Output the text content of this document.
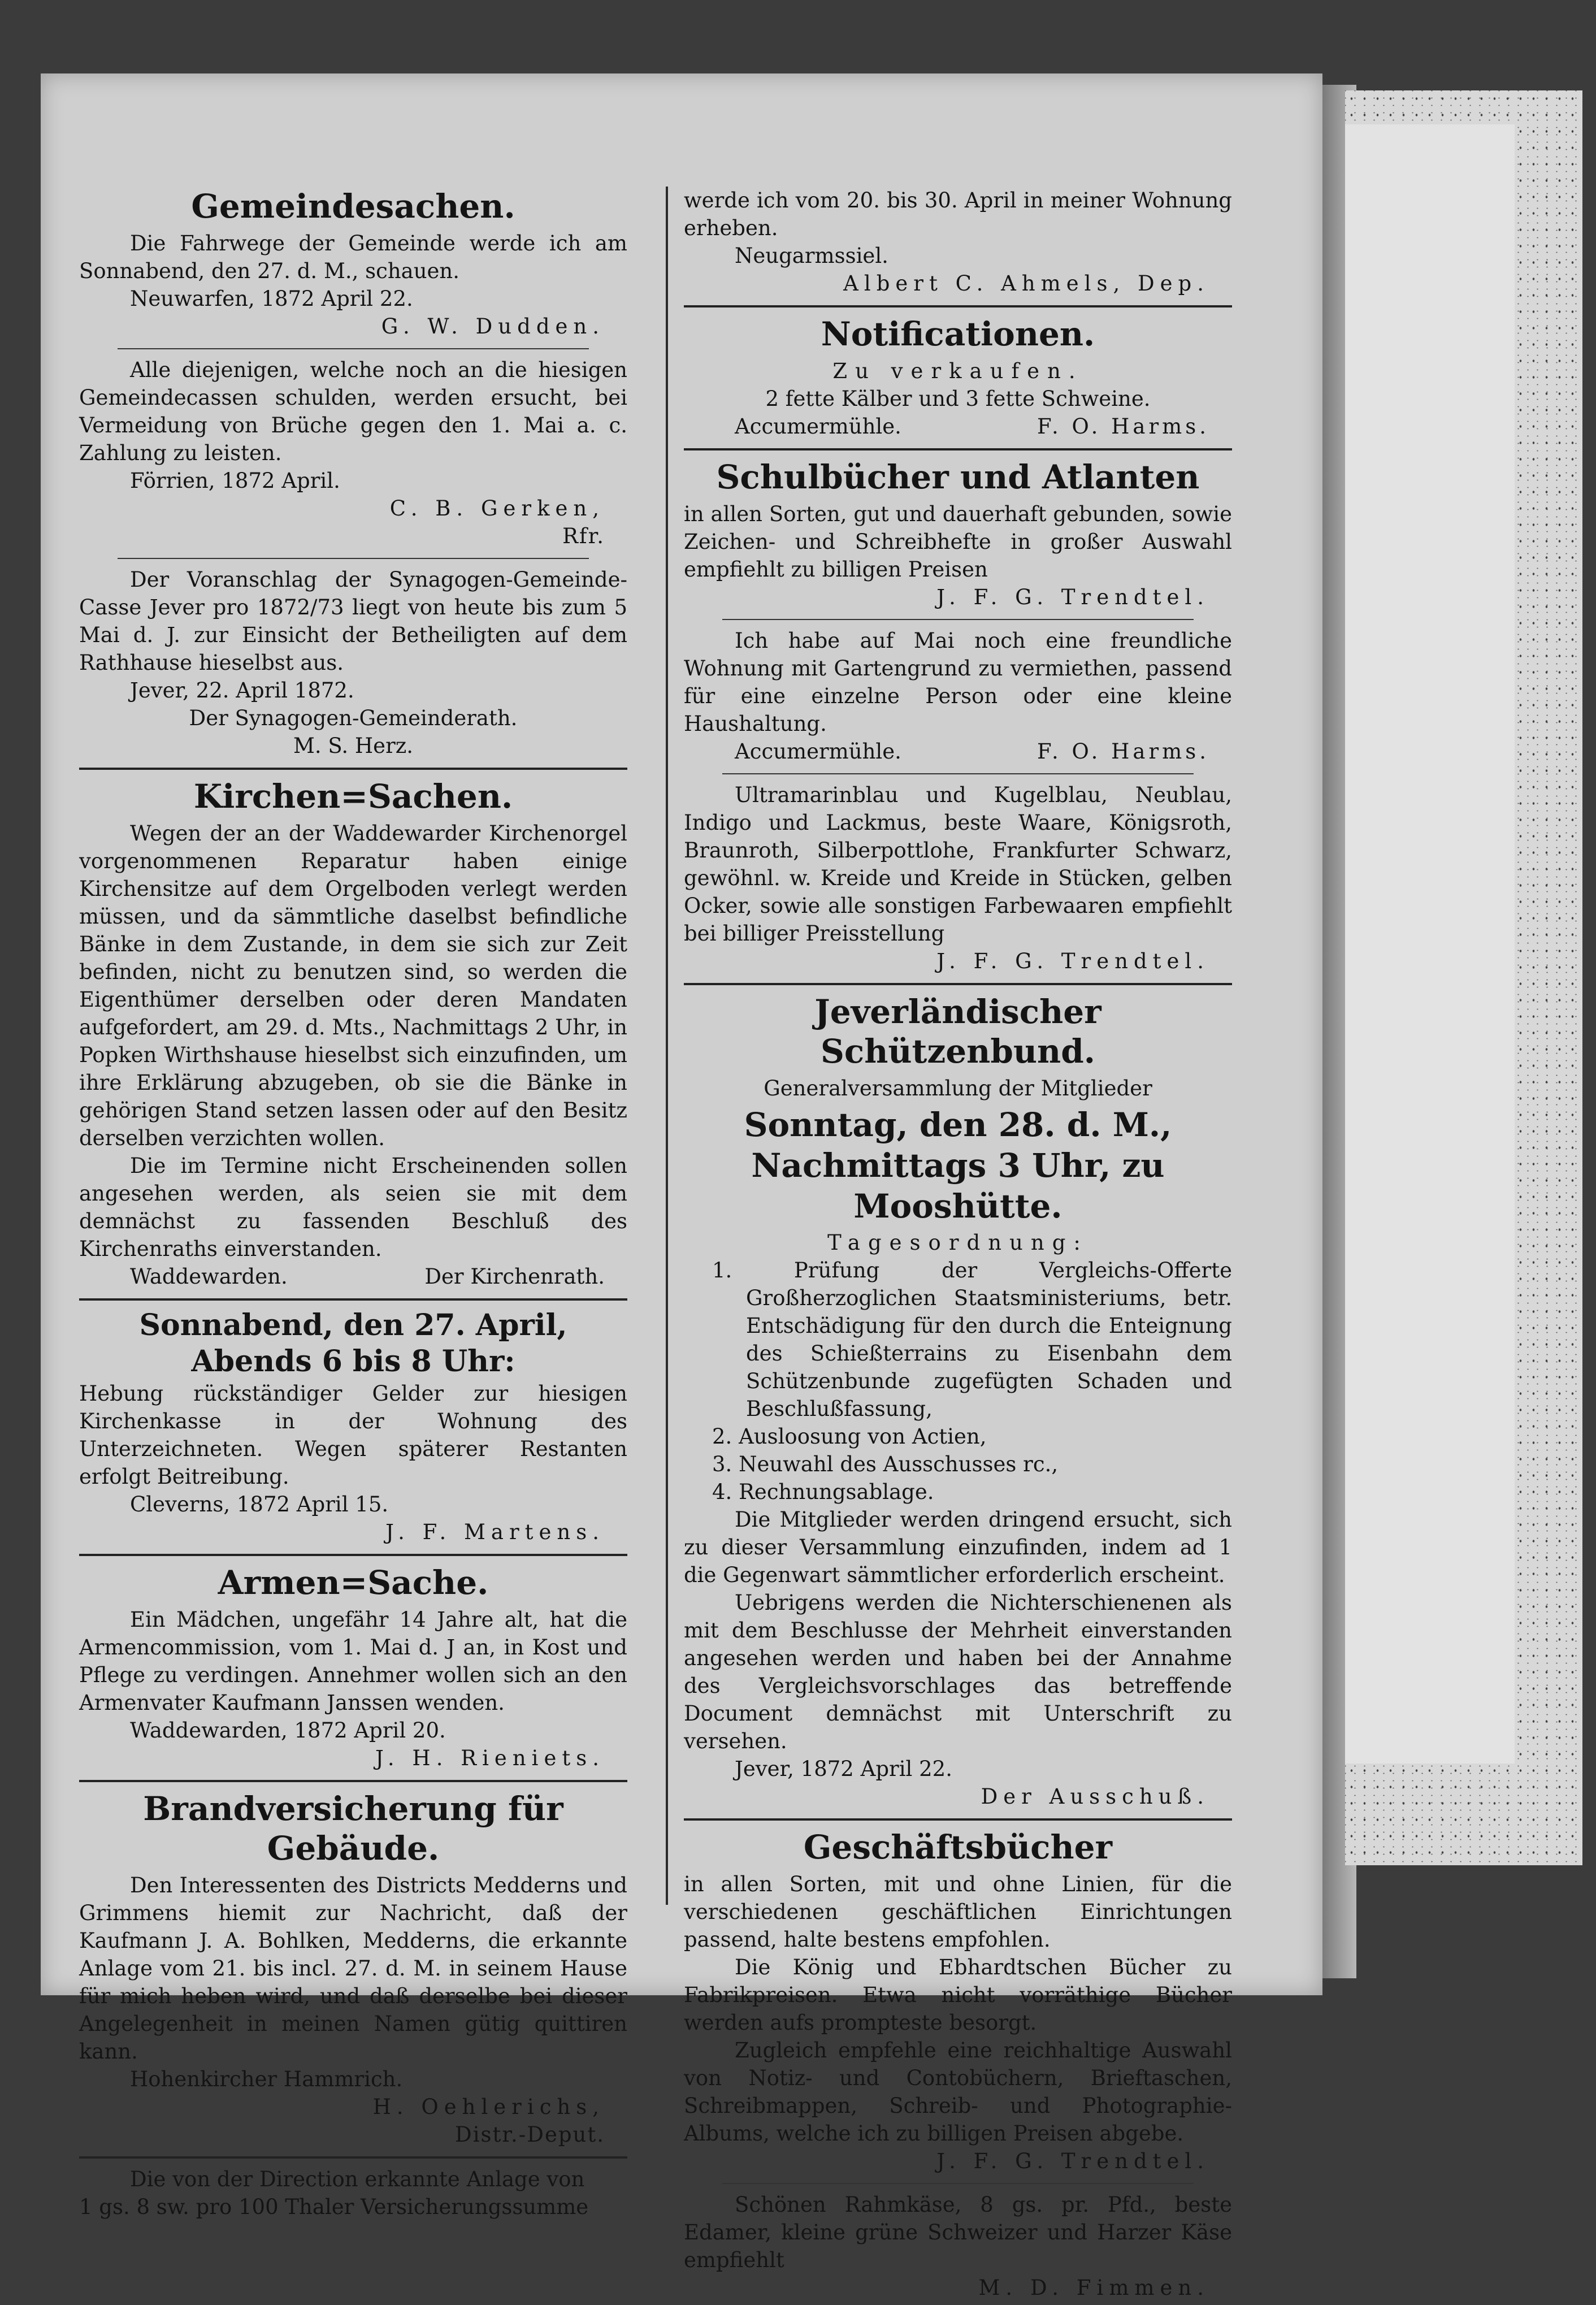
Gemeindesachen.

Die Fahrwege der Gemeinde werde ich am Sonnabend, den 27. d. M., schauen.

Neuwarfen, 1872 April 22.

G. W. Dudden.

Alle diejenigen, welche noch an die hiesigen Gemeindecassen schulden, werden ersucht, bei Vermeidung von Brüche gegen den 1. Mai a. c. Zahlung zu leisten.

Förrien, 1872 April.

C. B. Gerken,

Rfr.

Der Voranschlag der Synagogen-Gemeinde-Casse Jever pro 1872/73 liegt von heute bis zum 5 Mai d. J. zur Einsicht der Betheiligten auf dem Rathhause hieselbst aus.

Jever, 22. April 1872.

Der Synagogen-Gemeinderath.

M. S. Herz.

Kirchen=Sachen.

Wegen der an der Waddewarder Kirchenorgel vorgenommenen Reparatur haben einige Kirchensitze auf dem Orgelboden verlegt werden müssen, und da sämmtliche daselbst befindliche Bänke in dem Zustande, in dem sie sich zur Zeit befinden, nicht zu benutzen sind, so werden die Eigenthümer derselben oder deren Mandaten aufgefordert, am 29. d. Mts., Nachmittags 2 Uhr, in Popken Wirthshause hieselbst sich einzufinden, um ihre Erklärung abzugeben, ob sie die Bänke in gehörigen Stand setzen lassen oder auf den Besitz derselben verzichten wollen.

Die im Termine nicht Erscheinenden sollen angesehen werden, als seien sie mit dem demnächst zu fassenden Beschluß des Kirchenraths einverstanden.

Waddewarden.	Der Kirchenrath.

Sonnabend, den 27. April,

Abends 6 bis 8 Uhr:

Hebung rückständiger Gelder zur hiesigen Kirchenkasse in der Wohnung des Unterzeichneten. Wegen späterer Restanten erfolgt Beitreibung.

Cleverns, 1872 April 15.

J. F. Martens.

Armen=Sache.

Ein Mädchen, ungefähr 14 Jahre alt, hat die Armencommission, vom 1. Mai d. J an, in Kost und Pflege zu verdingen. Annehmer wollen sich an den Armenvater Kaufmann Janssen wenden.

Waddewarden, 1872 April 20.

J. H. Rieniets.

Brandversicherung für Gebäude.

Den Interessenten des Districts Medderns und Grimmens hiemit zur Nachricht, daß der Kaufmann J. A. Bohlken, Medderns, die erkannte Anlage vom 21. bis incl. 27. d. M. in seinem Hause für mich heben wird, und daß derselbe bei dieser Angelegenheit in meinen Namen gütig quittiren kann.

Hohenkircher Hammrich.

H. Oehlerichs,

Distr.-Deput.

Die von der Direction erkannte Anlage von

1 gs. 8 sw. pro 100 Thaler Versicherungssumme

werde ich vom 20. bis 30. April in meiner Wohnung erheben.

Neugarmssiel.

Albert C. Ahmels, Dep.

Notificationen.

Zu verkaufen.

2 fette Kälber und 3 fette Schweine.

Accumermühle.	F. O. Harms.

Schulbücher und Atlanten

in allen Sorten, gut und dauerhaft gebunden, sowie Zeichen- und Schreibhefte in großer Auswahl empfiehlt zu billigen Preisen

J. F. G. Trendtel.

Ich habe auf Mai noch eine freundliche Wohnung mit Gartengrund zu vermiethen, passend für eine einzelne Person oder eine kleine Haushaltung.

Accumermühle.	F. O. Harms.

Ultramarinblau und Kugelblau, Neublau, Indigo und Lackmus, beste Waare, Königsroth, Braunroth, Silberpottlohe, Frankfurter Schwarz, gewöhnl. w. Kreide und Kreide in Stücken, gelben Ocker, sowie alle sonstigen Farbewaaren empfiehlt bei billiger Preisstellung

J. F. G. Trendtel.

Jeverländischer Schützenbund.

Generalversammlung der Mitglieder

Sonntag, den 28. d. M., Nachmittags 3 Uhr, zu Mooshütte.

Tagesordnung:

1. Prüfung der Vergleichs-Offerte Großherzoglichen Staatsministeriums, betr. Entschädigung für den durch die Enteignung des Schießterrains zu Eisenbahn dem Schützenbunde zugefügten Schaden und Beschlußfassung,
2. Ausloosung von Actien,
3. Neuwahl des Ausschusses rc.,
4. Rechnungsablage.

Die Mitglieder werden dringend ersucht, sich zu dieser Versammlung einzufinden, indem ad 1 die Gegenwart sämmtlicher erforderlich erscheint.

Uebrigens werden die Nichterschienenen als mit dem Beschlusse der Mehrheit einverstanden angesehen werden und haben bei der Annahme des Vergleichsvorschlages das betreffende Document demnächst mit Unterschrift zu versehen.

Jever, 1872 April 22.

Der Ausschuß.

Geschäftsbücher

in allen Sorten, mit und ohne Linien, für die verschiedenen geschäftlichen Einrichtungen passend, halte bestens empfohlen.

Die König und Ebhardtschen Bücher zu Fabrikpreisen. Etwa nicht vorräthige Bücher werden aufs prompteste besorgt.

Zugleich empfehle eine reichhaltige Auswahl von Notiz- und Contobüchern, Brieftaschen, Schreibmappen, Schreib- und Photographie-Albums, welche ich zu billigen Preisen abgebe.

J. F. G. Trendtel.

Schönen Rahmkäse, 8 gs. pr. Pfd., beste Edamer, kleine grüne Schweizer und Harzer Käse empfiehlt

M. D. Fimmen.
